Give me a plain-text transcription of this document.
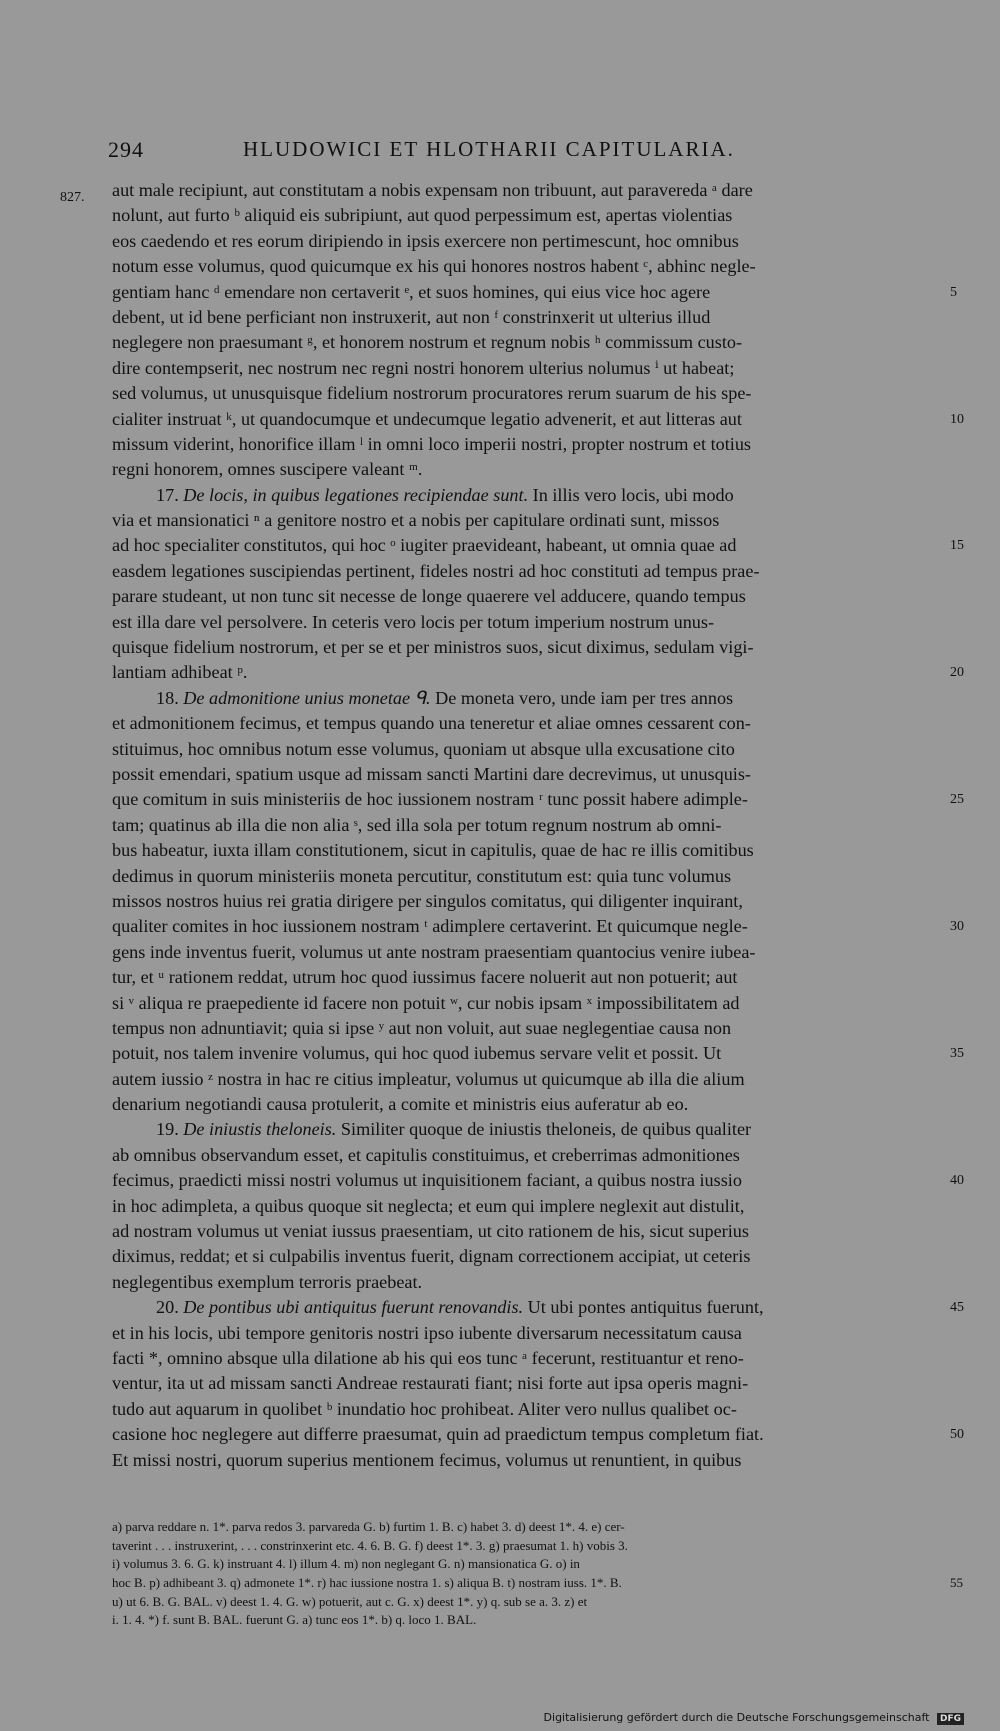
294	HLUDOWICI ET HLOTHARII CAPITULARIA.
827. aut male recipiunt, aut constitutam a nobis expensam non tribuunt, aut paravereda ᵃ dare
nolunt, aut furto ᵇ aliquid eis subripiunt, aut quod perpessimum est, apertas violentias
eos caedendo et res eorum diripiendo in ipsis exercere non pertimescunt, hoc omnibus
notum esse volumus, quod quicumque ex his qui honores nostros habent ᶜ, abhinc negle-
gentiam hanc ᵈ emendare non certaverit ᵉ, et suos homines, qui eius vice hoc agere	5
debent, ut id bene perficiant non instruxerit, aut non ᶠ constrinxerit ut ulterius illud
neglegere non praesumant ᵍ, et honorem nostrum et regnum nobis ʰ commissum custo-
dire contempserit, nec nostrum nec regni nostri honorem ulterius nolumus ⁱ ut habeat;
sed volumus, ut unusquisque fidelium nostrorum procuratores rerum suarum de his spe-
cialiter instruat ᵏ, ut quandocumque et undecumque legatio advenerit, et aut litteras aut	10
missum viderint, honorifice illam ˡ in omni loco imperii nostri, propter nostrum et totius
regni honorem, omnes suscipere valeant ᵐ.
17. De locis, in quibus legationes recipiendae sunt. In illis vero locis, ubi modo
via et mansionatici ⁿ a genitore nostro et a nobis per capitulare ordinati sunt, missos
ad hoc specialiter constitutos, qui hoc ᵒ iugiter praevideant, habeant, ut omnia quae ad	15
easdem legationes suscipiendas pertinent, fideles nostri ad hoc constituti ad tempus prae-
parare studeant, ut non tunc sit necesse de longe quaerere vel adducere, quando tempus
est illa dare vel persolvere. In ceteris vero locis per totum imperium nostrum unus-
quisque fidelium nostrorum, et per se et per ministros suos, sicut diximus, sedulam vigi-
lantiam adhibeat ᵖ.	20
18. De admonitione unius monetae ᑫ. De moneta vero, unde iam per tres annos
et admonitionem fecimus, et tempus quando una teneretur et aliae omnes cessarent con-
stituimus, hoc omnibus notum esse volumus, quoniam ut absque ulla excusatione cito
possit emendari, spatium usque ad missam sancti Martini dare decrevimus, ut unusquis-
que comitum in suis ministeriis de hoc iussionem nostram ʳ tunc possit habere adimple-	25
tam; quatinus ab illa die non alia ˢ, sed illa sola per totum regnum nostrum ab omni-
bus habeatur, iuxta illam constitutionem, sicut in capitulis, quae de hac re illis comitibus
dedimus in quorum ministeriis moneta percutitur, constitutum est: quia tunc volumus
missos nostros huius rei gratia dirigere per singulos comitatus, qui diligenter inquirant,
qualiter comites in hoc iussionem nostram ᵗ adimplere certaverint. Et quicumque negle-	30
gens inde inventus fuerit, volumus ut ante nostram praesentiam quantocius venire iubea-
tur, et ᵘ rationem reddat, utrum hoc quod iussimus facere noluerit aut non potuerit; aut
si ᵛ aliqua re praepediente id facere non potuit ʷ, cur nobis ipsam ˣ impossibilitatem ad
tempus non adnuntiavit; quia si ipse ʸ aut non voluit, aut suae neglegentiae causa non
potuit, nos talem invenire volumus, qui hoc quod iubemus servare velit et possit. Ut	35
autem iussio ᶻ nostra in hac re citius impleatur, volumus ut quicumque ab illa die alium
denarium negotiandi causa protulerit, a comite et ministris eius auferatur ab eo.
19. De iniustis theloneis. Similiter quoque de iniustis theloneis, de quibus qualiter
ab omnibus observandum esset, et capitulis constituimus, et creberrimas admonitiones
fecimus, praedicti missi nostri volumus ut inquisitionem faciant, a quibus nostra iussio	40
in hoc adimpleta, a quibus quoque sit neglecta; et eum qui implere neglexit aut distulit,
ad nostram volumus ut veniat iussus praesentiam, ut cito rationem de his, sicut superius
diximus, reddat; et si culpabilis inventus fuerit, dignam correctionem accipiat, ut ceteris
neglegentibus exemplum terroris praebeat.
20. De pontibus ubi antiquitus fuerunt renovandis. Ut ubi pontes antiquitus fuerunt,	45
et in his locis, ubi tempore genitoris nostri ipso iubente diversarum necessitatum causa
facti *, omnino absque ulla dilatione ab his qui eos tunc ᵃ fecerunt, restituantur et reno-
ventur, ita ut ad missam sancti Andreae restaurati fiant; nisi forte aut ipsa operis magni-
tudo aut aquarum in quolibet ᵇ inundatio hoc prohibeat. Aliter vero nullus qualibet oc-
casione hoc neglegere aut differre praesumat, quin ad praedictum tempus completum fiat.	50
Et missi nostri, quorum superius mentionem fecimus, volumus ut renuntient, in quibus
a) parva reddare n. 1*. parva redos 3. parvareda G. b) furtim 1. B. c) habet 3. d) deest 1*. 4. e) cer-
taverint . . . instruxerint, . . . constrinxerint etc. 4. 6. B. G. f) deest 1*. 3. g) praesumat 1. h) vobis 3.
i) volumus 3. 6. G. k) instruant 4. l) illum 4. m) non neglegant G. n) mansionatica G. o) in
hoc B. p) adhibeant 3. q) admonete 1*. r) hac iussione nostra 1. s) aliqua B. t) nostram iuss. 1*. B.	55
u) ut 6. B. G. BAL. v) deest 1. 4. G. w) potuerit, aut c. G. x) deest 1*. y) q. sub se a. 3. z) et
i. 1. 4. *) f. sunt B. BAL. fuerunt G. a) tunc eos 1*. b) q. loco 1. BAL.
Digitalisierung gefördert durch die Deutsche Forschungsgemeinschaft DFG
